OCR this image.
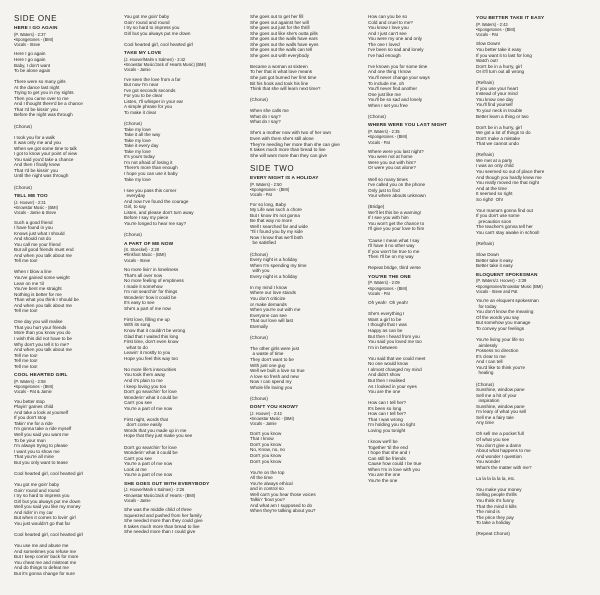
SIDE ONE
HERE I GO AGAIN
(P. Waters) - 2:37
•Spongetones - (BMI)
Vocals - Steve
Here I go again
Here I go again
Baby, I don't want
To be alone again

There were so many girls
At the dance last night
Trying to get you in my sights
Then you came over to me
And I thought there'd be a chance
That I'd be kissin' you
Before the night was through

(Chorus)

I took you for a walk
It was only me and you
When we got some time to talk
I got to know your point of view
You said you'd take a chance
And then I finally knew
That I'd be kissin' you
Until the night was through

(Chorus)
TELL ME TOO
(J. Hoover) - 2:31
•Snowstar Music - (BMI)
Vocals - Jamie & Steve
Such a good friend
I have found in you
Knows just what I should
And should not do
You call me your friend
But all good friends must end
And when you talk about me
Tell me too!

When I blow a line
You've gained some weight
Lean on me 'til
You've bent me straight
Nothing is better for me
Than what you think I should be
And when you talk about me
Tell me too!

One day you will realise
That you hurt your friends
More than you know you do
I wish this did not have to be
Why don't you tell it to me?
And when you talk about me
Tell me too!
Tell me too!
Tell me too!
COOL HEARTED GIRL
(P. Waters) - 2:58
•Spongetones - (BMI)
Vocals - Pat & Jamie
You better stop
Playin' games child
And take a look at yourself
If you don't stop
Takin' me for a ride
I'm gonna take a ride myself
Well you said you want me
To be your man
I'm always trying to please
I want you to show me
That you're all mine
But you only want to tease

Cool hearted girl, cool hearted girl

You got me goin' baby
Goin' round and round
I try so hard to impress you
Girl but you always put me down
Well you said you like my money
And ridin' in my car
But when it comes to lovin' girl
You just wouldn't go that far

Cool hearted girl, cool hearted girl

You use me and abuse me
And sometimes you refuse me
But I keep comin' back for more
You cheat me and mistreat me
And do things to defeat me
But it's gonna change for sure
You got me goin' baby
Goin' round and round
I try so hard to impress you
Girl but you always put me down

Cool hearted girl, cool hearted girl
TAKE MY LOVE
(J. Hoover/Malm s Salmen) - 2:42
•Snowstar Music/Jack of Hearts Music) (BMI)
Vocals - Jamie
I've seen the love from a far
But now I'm near
I've got seconds seconds
For you to be clear
Listen, I'll whisper in your ear
A simple phrase for you
To make it clear

(Chorus)
Take my love
Take it all the way
Take my love
Take it every day
Take my love
It's yours today
I'm not afraid of losing it
There's more than enough
I hope you can use it baby
Take my love

I see you pass this corner
everyday
And now I've found the courage
Girl, to say
Listen, and please don't turn away
Before I say my piece
You're longed to hear me say?

(Chorus)
A PART OF ME NOW
(S. Stoeckel) - 2:28
•Rinkfoot Music - (BMI)
Vocals - Steve
No more livin' in loneliness
That's all over now
No more feeling of emptiness
I made it somehow
I'm not searchin' for things
Wonderin' how it could be
It's easy to see
She's a part of me now

First love, filling me up
With its song
Know that it couldn't be wrong
Glad that I waited this long
First time, don't even know
what to do
Leavin' it mostly to you
Hope you feel this way too

No more life's insecurities
You took them away
And it's plain to me
I keep loving you too
Don't go searchin' for love
Wonderin' what it could be
Can't you see
You're a part of me now

First night, words that
don't come easily
Words that you made up in me
Hope that they just make you see

Don't go searchin' for love
Wonderin' what it could be
Can't you see
You're a part of me now
Look at me
You're a part of me now
SHE GOES OUT WITH EVERYBODY
(J. Hoover/Mark s Salmen) - 2:26
•Snowstar Music/Jack of Hearts - (BMI)
Vocals - Jamie
She was the middle child of three
Squeezed and pushed from her family
She needed more than they could give
It takes much more than bread to live
She needed more than I could give
She goes out to get her fill
She goes out against her will
She goes out just for the thrill
She goes out like she's outta pills
She goes out the walls have ears
She goes out the walls have eyes
She goes out the walls can tell
She goes out with everybody

Became a woman at sixteen
To her that is what love means
She just got burned her first time
Bit his hook and took his line
Think that she will learn next time?

(Chorus)

When she calls me
What do I say?
What do I say?

She's a mother now with two of her own
Even with them she's still alone
They're needing her more than she can give
It takes much more than bread to live
She will want more than they can give
SIDE TWO
EVERY NIGHT IS A HOLIDAY
(P. Waters) - 2:50
•Spongetones - (BMI)
Vocals - Pat
For so long, Baby
My Life was such a chore
But I know it's not gonna
Be that way no more
Well I searched far and wide
'Til I found you by my side
Now I know that we'll both
be satisfied

(Chorus)
Every night is a holiday
When I'm spending my time
with you
Every night is a holiday

In my mind I know
Where our love stands
You don't criticize
or make demands
When you're out with me
Everyone can see
That our love will last
Eternally

(Chorus)

The other girls were just
a waste of time
They don't want to be
With just one guy
Well we built a love so true
A love so fresh and new
Now I can spend my
Whole life loving you

(Chorus)
DON'T YOU KNOW?
(J. Hoover) - 2:42
•Snowstar Music - (BMI)
Vocals - Jamie
Don't you know
That I know
Don't you know
No, Know, no, no
Don't you know
Don't you know

You're on the top
All the time
You're always ethical
and in control so
Well can't you hear those voices
Talkin' 'bout you?
And what am I supposed to do
When they're talking about you?
How can you be so
Cold and cruel to me?
You know I love you
And I just can't see
You were my one and only
The one I loved
I've been so sad and lonely
I've had enough

I've known you for some time
And one thing I know
You'll never change your ways
To include me, oh
You'll never find another
One just like me
You'll be so sad and lonely
When I set you free

(Chorus)
WHERE WERE YOU LAST NIGHT
(P. Waters) - 2:35
•Spongetones - (BMI)
Vocals - Pat
Where were you last night?
You were not at home
Were you out with him?
Or were you out alone?

Well so many times
I've called you on the phone
Only just to find
Your where abouts unknown

(Bridge)
We'll let this be a warning!
If I see you with him
You won't get the chance to
I'll give you your love to him

'Cause I mean what I say
I'll have it no other way
If you won't be true to me
Then I'll be on my way

Repeat bridge, third verse
YOU'RE THE ONE
(P. Waters) - 2:09
•Spongetones - (BMI)
Vocals - Pat
Oh yeah!  Oh yeah!

She's everything I
Want a girl to be
I thought that I was
Happy as can be
But then I heard from you
You said you loved me too
I'm in between

You said that we could meet
No one would know
I almost changed my mind
And didn't show
But then I realised
As I looked in your eyes
You are the one

How can I tell her?
It's been so long
How can I tell her?
That I was wrong
I'm holding you so tight
Loving you tonight

I know we'll be
Together 'til the end
I hope that she and I
Can still be friends
Cause how could I be true
When I'm in love with you
You are the one
You're the one
YOU BETTER TAKE IT EASY
(P. Waters) - 2:43
•Spongetones - (BMI)
Vocals - Pat
Slow Down!
You better take it easy
If you want it to last for long
Watch out!
Don't be in a hurry, girl
Or it'll turn out all wrong

(Refrain)
If you use your heart
Instead of your mind
You know one day
You'll find yourself
To your neck in trouble
Better learn a thing or two

Don't be in a hurry, girl
We got a lot of things to do
Don't make a mistake
That we cannot undo

(Refrain)
We met at a party
I was an only child
You seemed so out of place there
And though you hardly knew me
You really moved me that night
And at the time
It seemed so right
So right!  Oh!

Your mama's gonna find out
If you don't use some
precaution soon
The teacher's gonna tell her
You can't stay awake in school!

(Refrain)

Slow Down
Better take it easy
Better take it easy
ELOQUENT SPOKESMAN
(P. Waters/J. Hoover) - 3:39
•Spongetones/Snowstar Music (BMI)
Vocals - Steve and Pat
You're an eloquent spokesman
for today
You don't know the meaning
Of the words you say
But somehow you manage
To convey your feelings

You're living your life so
aimlessly
Possess no direction
It's clear to me
And I can tell
You'd like to think you're
healing

(Chorus)
Sunshine, window pane
Sell me a hit of your
inspiration
Sunshine, window pane
I'm leary of what you sell
Sell me a fairy tale
Any time

Oh sell me a pocket full
Of what you see
You don't give a damn
About what happens to me
And wonder I question
You wonder
What's the matter with me?

La la la la la la, etc.

You make your money
Selling people thrills
You think it's funny
That the mind it kills
The mind is
The price they pay
To take a holiday

(Repeat Chorus)
